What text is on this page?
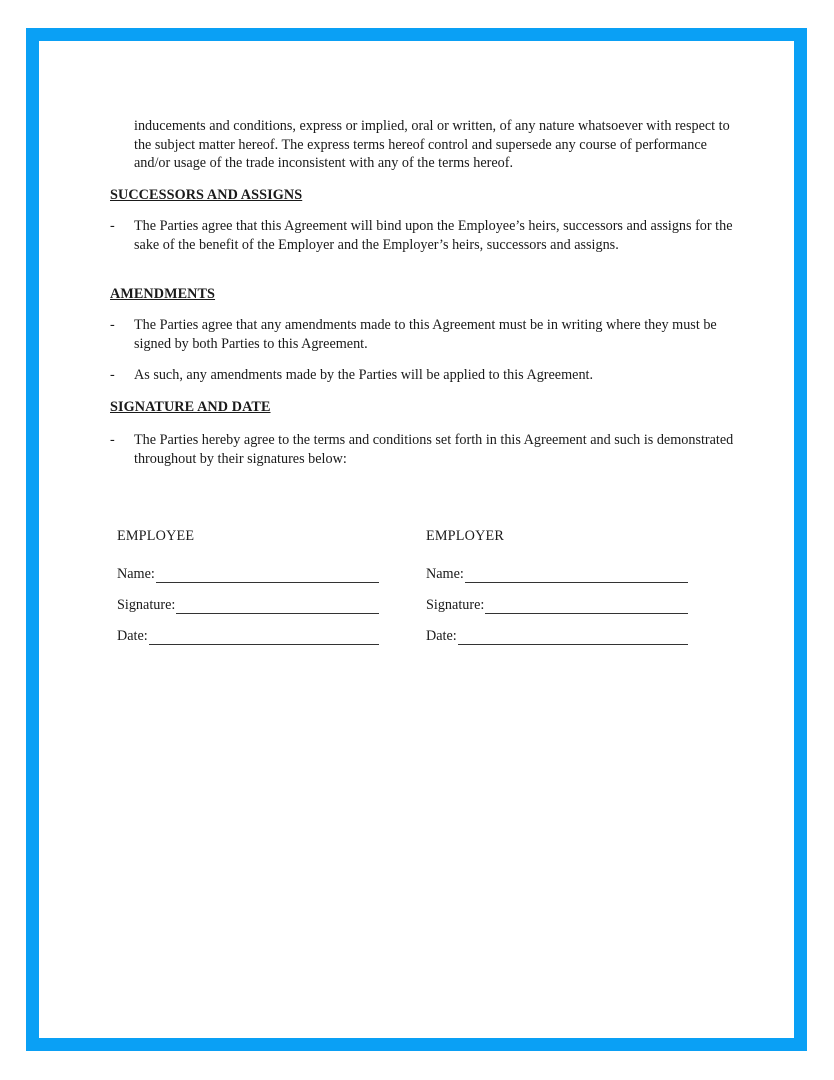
inducements and conditions, express or implied, oral or written, of any nature whatsoever with respect to the subject matter hereof. The express terms hereof control and supersede any course of performance and/or usage of the trade inconsistent with any of the terms hereof.

SUCCESSORS AND ASSIGNS
- The Parties agree that this Agreement will bind upon the Employee’s heirs, successors and assigns for the sake of the benefit of the Employer and the Employer’s heirs, successors and assigns.

AMENDMENTS
- The Parties agree that any amendments made to this Agreement must be in writing where they must be signed by both Parties to this Agreement.

- As such, any amendments made by the Parties will be applied to this Agreement.

SIGNATURE AND DATE
- The Parties hereby agree to the terms and conditions set forth in this Agreement and such is demonstrated throughout by their signatures below:

EMPLOYEE
Name:
Signature:
Date:
EMPLOYER
Name:
Signature:
Date:
